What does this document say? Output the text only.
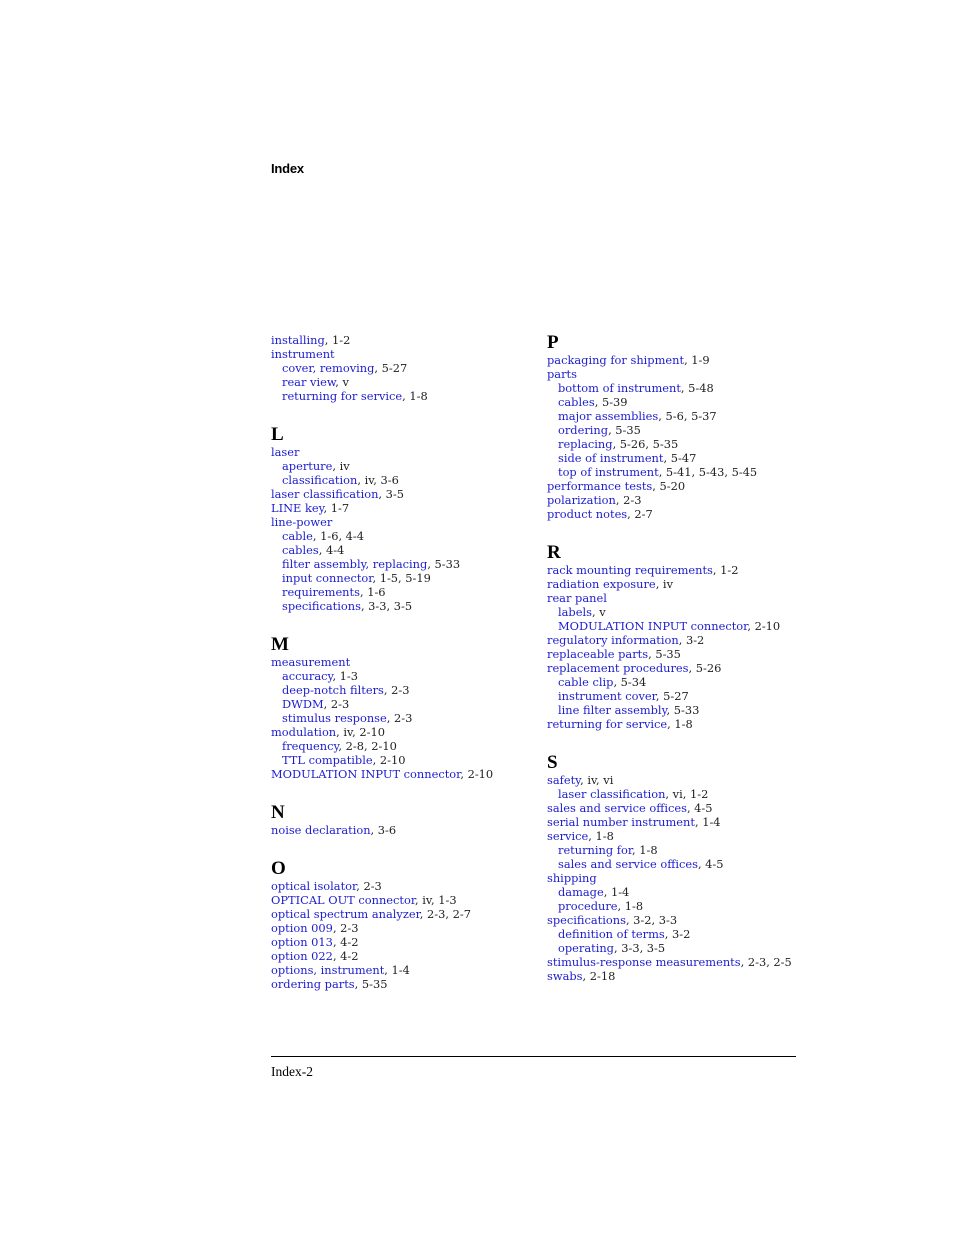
Index
installing, 1-2
instrument
cover, removing, 5-27
rear view, v
returning for service, 1-8
L
laser
aperture, iv
classification, iv, 3-6
laser classification, 3-5
LINE key, 1-7
line-power
cable, 1-6, 4-4
cables, 4-4
filter assembly, replacing, 5-33
input connector, 1-5, 5-19
requirements, 1-6
specifications, 3-3, 3-5
M
measurement
accuracy, 1-3
deep-notch filters, 2-3
DWDM, 2-3
stimulus response, 2-3
modulation, iv, 2-10
frequency, 2-8, 2-10
TTL compatible, 2-10
MODULATION INPUT connector, 2-10
N
noise declaration, 3-6
O
optical isolator, 2-3
OPTICAL OUT connector, iv, 1-3
optical spectrum analyzer, 2-3, 2-7
option 009, 2-3
option 013, 4-2
option 022, 4-2
options, instrument, 1-4
ordering parts, 5-35
P
packaging for shipment, 1-9
parts
bottom of instrument, 5-48
cables, 5-39
major assemblies, 5-6, 5-37
ordering, 5-35
replacing, 5-26, 5-35
side of instrument, 5-47
top of instrument, 5-41, 5-43, 5-45
performance tests, 5-20
polarization, 2-3
product notes, 2-7
R
rack mounting requirements, 1-2
radiation exposure, iv
rear panel
labels, v
MODULATION INPUT connector, 2-10
regulatory information, 3-2
replaceable parts, 5-35
replacement procedures, 5-26
cable clip, 5-34
instrument cover, 5-27
line filter assembly, 5-33
returning for service, 1-8
S
safety, iv, vi
laser classification, vi, 1-2
sales and service offices, 4-5
serial number instrument, 1-4
service, 1-8
returning for, 1-8
sales and service offices, 4-5
shipping
damage, 1-4
procedure, 1-8
specifications, 3-2, 3-3
definition of terms, 3-2
operating, 3-3, 3-5
stimulus-response measurements, 2-3, 2-5
swabs, 2-18
Index-2
